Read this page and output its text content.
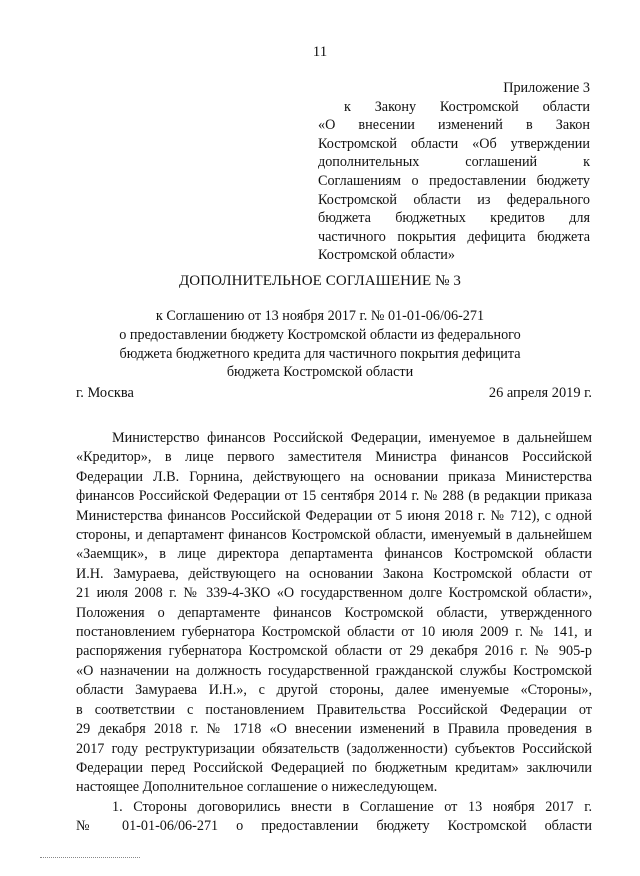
11
Приложение 3
к Закону Костромской области
«О внесении изменений в Закон
Костромской области «Об утверждении
дополнительных соглашений к
Соглашениям о предоставлении бюджету
Костромской области из федерального
бюджета бюджетных кредитов для
частичного покрытия дефицита бюджета
Костромской области»
ДОПОЛНИТЕЛЬНОЕ СОГЛАШЕНИЕ № 3
к Соглашению от 13 ноября 2017 г. № 01-01-06/06-271
о предоставлении бюджету Костромской области из федерального
бюджета бюджетного кредита для частичного покрытия дефицита
бюджета Костромской области
г. Москва	26 апреля 2019 г.
Министерство финансов Российской Федерации, именуемое в дальнейшем
«Кредитор», в лице первого заместителя Министра финансов Российской
Федерации Л.В. Горнина, действующего на основании приказа Министерства
финансов Российской Федерации от 15 сентября 2014 г. № 288 (в редакции приказа
Министерства финансов Российской Федерации от 5 июня 2018 г. № 712), с одной
стороны, и департамент финансов Костромской области, именуемый в дальнейшем
«Заемщик», в лице директора департамента финансов Костромской области
И.Н. Замураева, действующего на основании Закона Костромской области от
21 июля 2008 г. № 339-4-ЗКО «О государственном долге Костромской области»,
Положения о департаменте финансов Костромской области, утвержденного
постановлением губернатора Костромской области от 10 июля 2009 г. № 141, и
распоряжения губернатора Костромской области от 29 декабря 2016 г. № 905-р
«О назначении на должность государственной гражданской службы Костромской
области Замураева И.Н.», с другой стороны, далее именуемые «Стороны»,
в соответствии с постановлением Правительства Российской Федерации от
29 декабря 2018 г. № 1718 «О внесении изменений в Правила проведения в
2017 году реструктуризации обязательств (задолженности) субъектов Российской
Федерации перед Российской Федерацией по бюджетным кредитам» заключили
настоящее Дополнительное соглашение о нижеследующем.
1. Стороны договорились внести в Соглашение от 13 ноября 2017 г.
№ 01-01-06/06-271 о предоставлении бюджету Костромской области
